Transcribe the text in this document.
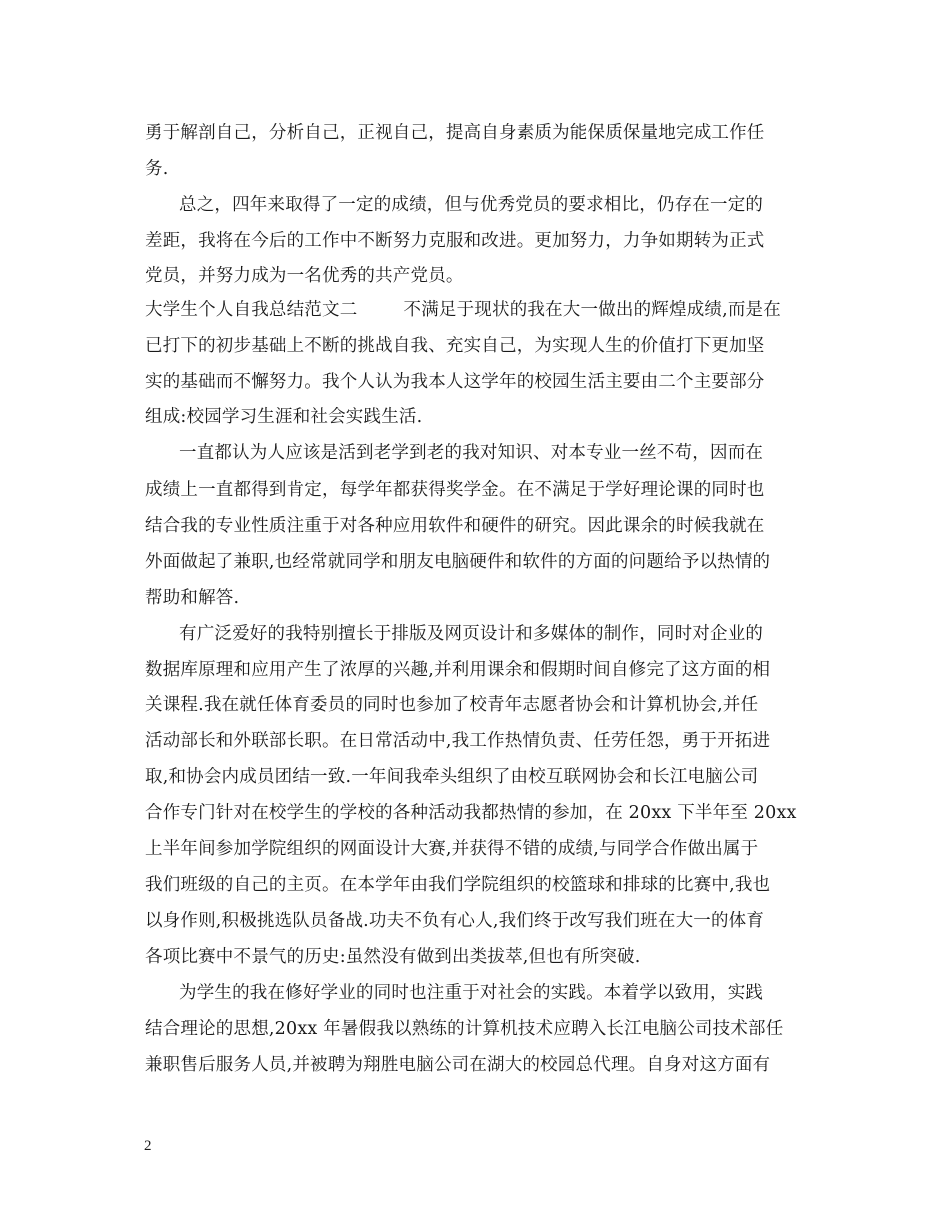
勇于解剖自己，分析自己，正视自己，提高自身素质为能保质保量地完成工作任
务.
总之，四年来取得了一定的成绩，但与优秀党员的要求相比，仍存在一定的
差距，我将在今后的工作中不断努力克服和改进。更加努力，力争如期转为正式
党员，并努力成为一名优秀的共产党员。
大学生个人自我总结范文二        不满足于现状的我在大一做出的辉煌成绩,而是在
已打下的初步基础上不断的挑战自我、充实自己，为实现人生的价值打下更加坚
实的基础而不懈努力。我个人认为我本人这学年的校园生活主要由二个主要部分
组成:校园学习生涯和社会实践生活.
一直都认为人应该是活到老学到老的我对知识、对本专业一丝不苟，因而在
成绩上一直都得到肯定，每学年都获得奖学金。在不满足于学好理论课的同时也
结合我的专业性质注重于对各种应用软件和硬件的研究。因此课余的时候我就在
外面做起了兼职,也经常就同学和朋友电脑硬件和软件的方面的问题给予以热情的
帮助和解答.
有广泛爱好的我特别擅长于排版及网页设计和多媒体的制作，同时对企业的
数据库原理和应用产生了浓厚的兴趣,并利用课余和假期时间自修完了这方面的相
关课程.我在就任体育委员的同时也参加了校青年志愿者协会和计算机协会,并任
活动部长和外联部长职。在日常活动中,我工作热情负责、任劳任怨，勇于开拓进
取,和协会内成员团结一致.一年间我牵头组织了由校互联网协会和长江电脑公司
合作专门针对在校学生的学校的各种活动我都热情的参加，在 20xx 下半年至 20xx
上半年间参加学院组织的网面设计大赛,并获得不错的成绩,与同学合作做出属于
我们班级的自己的主页。在本学年由我们学院组织的校篮球和排球的比赛中,我也
以身作则,积极挑选队员备战.功夫不负有心人,我们终于改写我们班在大一的体育
各项比赛中不景气的历史:虽然没有做到出类拔萃,但也有所突破.
为学生的我在修好学业的同时也注重于对社会的实践。本着学以致用，实践
结合理论的思想,20xx 年暑假我以熟练的计算机技术应聘入长江电脑公司技术部任
兼职售后服务人员,并被聘为翔胜电脑公司在湖大的校园总代理。自身对这方面有
2
